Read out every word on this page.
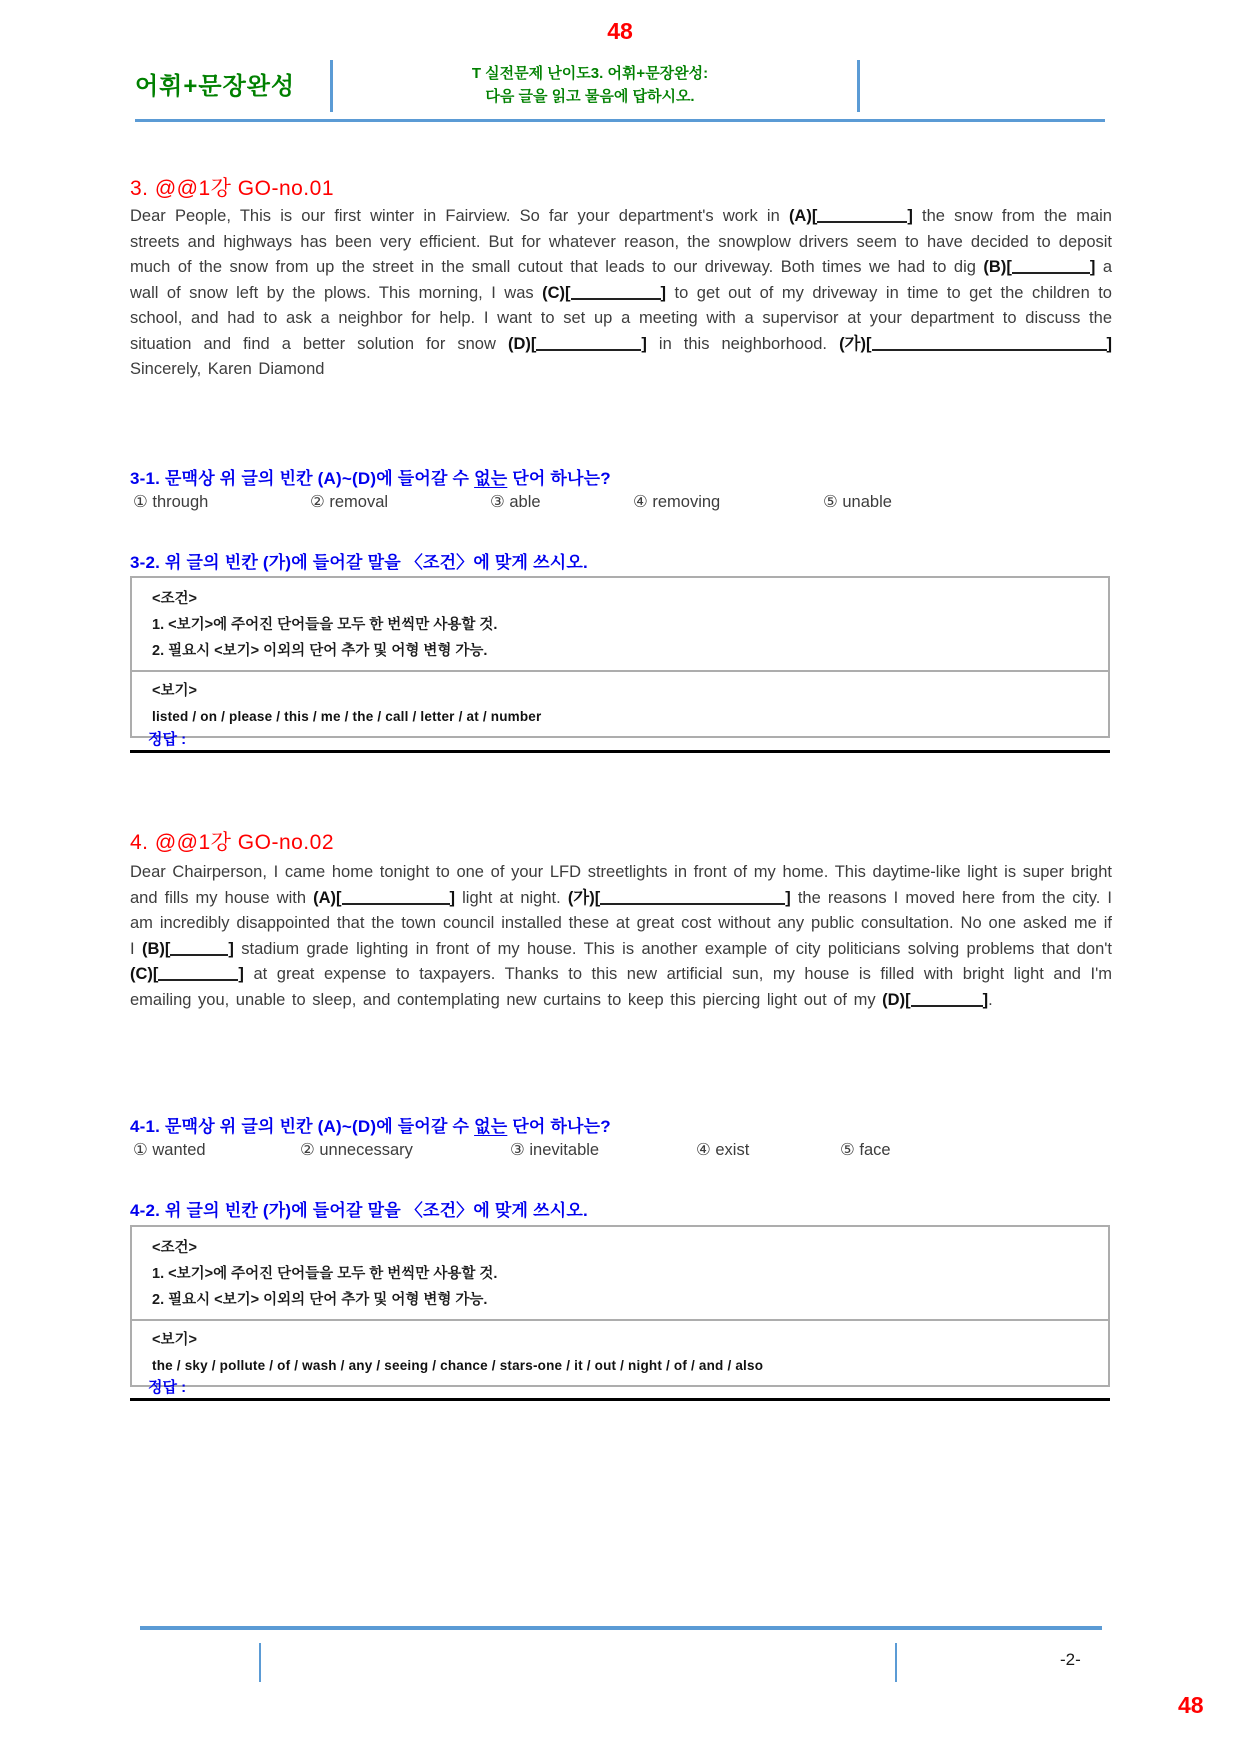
48
어휘+문장완성	T 실전문제 난이도3. 어휘+문장완성:
다음 글을 읽고 물음에 답하시오.
3. @@1강 GO-no.01
Dear People, This is our first winter in Fairview. So far your department's work in (A)[	] the snow from the main streets and highways has been very efficient. But for whatever reason, the snowplow drivers seem to have decided to deposit much of the snow from up the street in the small cutout that leads to our driveway. Both times we had to dig (B)[	] a wall of snow left by the plows. This morning, I was (C)[	] to get out of my driveway in time to get the children to school, and had to ask a neighbor for help. I want to set up a meeting with a supervisor at your department to discuss the situation and find a better solution for snow (D)[	] in this neighborhood. (가)[	] Sincerely, Karen Diamond
3-1. 문맥상 위 글의 빈칸 (A)~(D)에 들어갈 수 없는 단어 하나는?
① through	② removal	③ able	④ removing	⑤ unable
3-2. 위 글의 빈칸 (가)에 들어갈 말을 〈조건〉에 맞게 쓰시오.
<조건>
1. <보기>에 주어진 단어들을 모두 한 번씩만 사용할 것.
2. 필요시 <보기> 이외의 단어 추가 및 어형 변형 가능.
<보기>
listed / on / please / this / me / the / call / letter / at / number
정답 :
4. @@1강 GO-no.02
Dear Chairperson, I came home tonight to one of your LFD streetlights in front of my home. This daytime-like light is super bright and fills my house with (A)[	] light at night. (가)[	] the reasons I moved here from the city. I am incredibly disappointed that the town council installed these at great cost without any public consultation. No one asked me if I (B)[	] stadium grade lighting in front of my house. This is another example of city politicians solving problems that don't (C)[	] at great expense to taxpayers. Thanks to this new artificial sun, my house is filled with bright light and I'm emailing you, unable to sleep, and contemplating new curtains to keep this piercing light out of my (D)[	].
4-1. 문맥상 위 글의 빈칸 (A)~(D)에 들어갈 수 없는 단어 하나는?
① wanted	② unnecessary	③ inevitable	④ exist	⑤ face
4-2. 위 글의 빈칸 (가)에 들어갈 말을 〈조건〉에 맞게 쓰시오.
<조건>
1. <보기>에 주어진 단어들을 모두 한 번씩만 사용할 것.
2. 필요시 <보기> 이외의 단어 추가 및 어형 변형 가능.
<보기>
the / sky / pollute / of / wash / any / seeing / chance / stars-one / it / out / night / of / and / also
정답 :
-2-
48
